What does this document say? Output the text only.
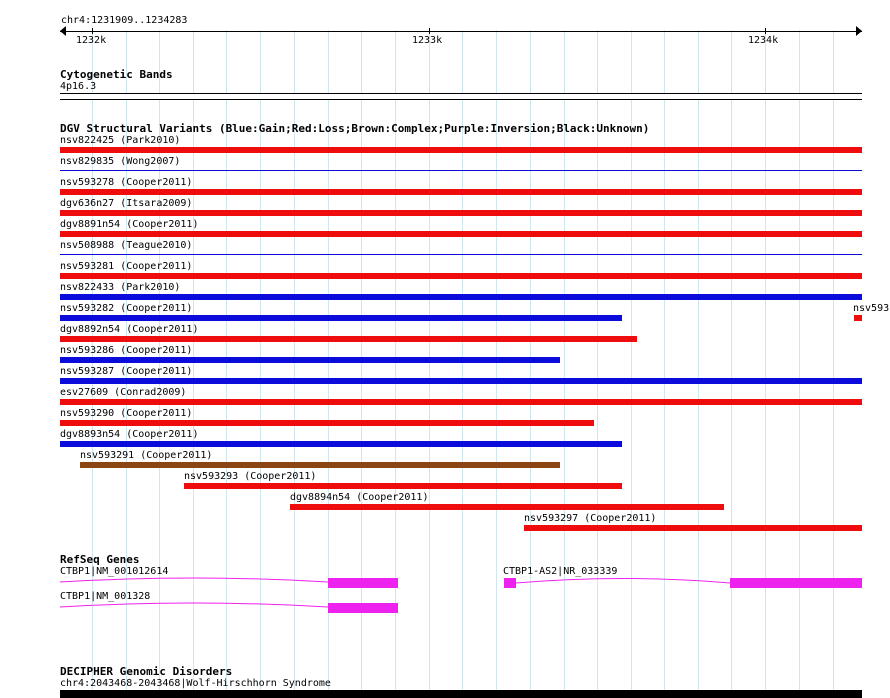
chr4:1231909..1234283
1232k	1233k	1234k
Cytogenetic Bands
4p16.3
DGV Structural Variants (Blue:Gain;Red:Loss;Brown:Complex;Purple:Inversion;Black:Unknown)
nsv822425 (Park2010)
nsv829835 (Wong2007)
nsv593278 (Cooper2011)
dgv636n27 (Itsara2009)
dgv8891n54 (Cooper2011)
nsv508988 (Teague2010)
nsv593281 (Cooper2011)
nsv822433 (Park2010)
nsv593282 (Cooper2011)	nsv593
dgv8892n54 (Cooper2011)
nsv593286 (Cooper2011)
nsv593287 (Cooper2011)
esv27609 (Conrad2009)
nsv593290 (Cooper2011)
dgv8893n54 (Cooper2011)
nsv593291 (Cooper2011)
nsv593293 (Cooper2011)
dgv8894n54 (Cooper2011)
nsv593297 (Cooper2011)
RefSeq Genes
CTBP1|NM_001012614
CTBP1|NM_001328
CTBP1-AS2|NR_033339
DECIPHER Genomic Disorders
chr4:2043468-2043468|Wolf-Hirschhorn Syndrome
